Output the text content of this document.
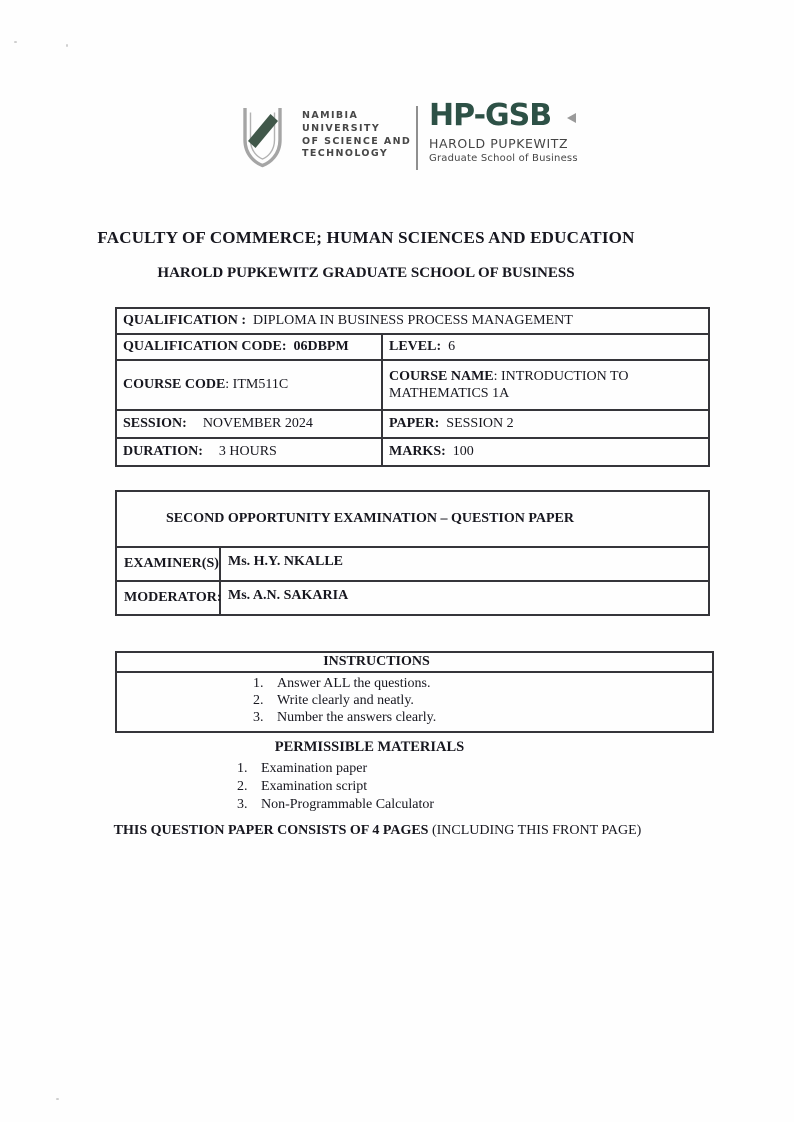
NAMIBIA
UNIVERSITY
OF SCIENCE AND
TECHNOLOGY
HP-GSB
HAROLD PUPKEWITZ
Graduate School of Business
FACULTY OF COMMERCE; HUMAN SCIENCES AND EDUCATION
HAROLD PUPKEWITZ GRADUATE SCHOOL OF BUSINESS
QUALIFICATION : DIPLOMA IN BUSINESS PROCESS MANAGEMENT	
QUALIFICATION CODE: 06DBPM	LEVEL: 6
COURSE CODE: ITM511C	COURSE NAME: INTRODUCTION TO MATHEMATICS 1A
SESSION: NOVEMBER 2024	PAPER: SESSION 2
DURATION: 3 HOURS	MARKS: 100
SECOND OPPORTUNITY EXAMINATION – QUESTION PAPER	
EXAMINER(S)	Ms. H.Y. NKALLE
MODERATOR:	Ms. A.N. SAKARIA
INSTRUCTIONS
1. Answer ALL the questions.
2. Write clearly and neatly.
3. Number the answers clearly.
PERMISSIBLE MATERIALS
1. Examination paper
2. Examination script
3. Non-Programmable Calculator
THIS QUESTION PAPER CONSISTS OF 4 PAGES (INCLUDING THIS FRONT PAGE)
